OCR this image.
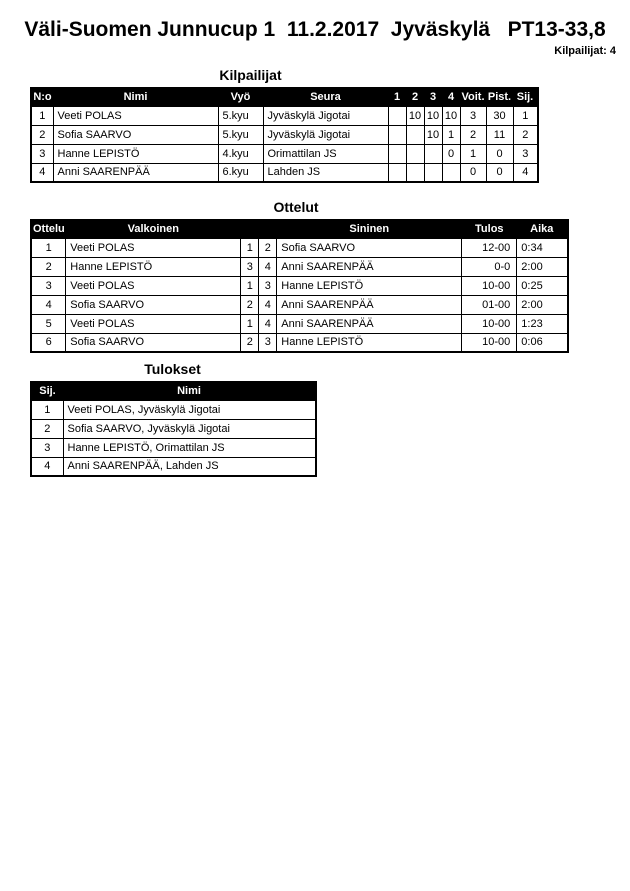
Väli-Suomen Junnucup 1  11.2.2017  Jyväskylä   PT13-33,8
Kilpailijat: 4
Kilpailijat
N:o	Nimi	Vyö	Seura	1	2	3	4	Voit.	Pist.	Sij.
1	Veeti POLAS	5.kyu	Jyväskylä Jigotai		10	10	10	3	30	1
2	Sofia SAARVO	5.kyu	Jyväskylä Jigotai			10	1	2	11	2
3	Hanne LEPISTÖ	4.kyu	Orimattilan JS				0	1	0	3
4	Anni SAARENPÄÄ	6.kyu	Lahden JS					0	0	4
Ottelut
Ottelu	Valkoinen			Sininen	Tulos	Aika
1	Veeti POLAS	1	2	Sofia SAARVO	12-00	0:34
2	Hanne LEPISTÖ	3	4	Anni SAARENPÄÄ	0-0	2:00
3	Veeti POLAS	1	3	Hanne LEPISTÖ	10-00	0:25
4	Sofia SAARVO	2	4	Anni SAARENPÄÄ	01-00	2:00
5	Veeti POLAS	1	4	Anni SAARENPÄÄ	10-00	1:23
6	Sofia SAARVO	2	3	Hanne LEPISTÖ	10-00	0:06
Tulokset
Sij.	Nimi
1	Veeti POLAS, Jyväskylä Jigotai
2	Sofia SAARVO, Jyväskylä Jigotai
3	Hanne LEPISTÖ, Orimattilan JS
4	Anni SAARENPÄÄ, Lahden JS
